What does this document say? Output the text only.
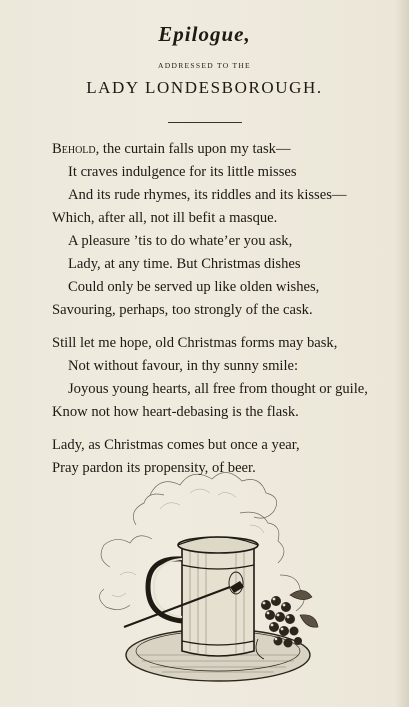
Epilogue,
ADDRESSED TO THE
LADY LONDESBOROUGH.
Behold, the curtain falls upon my task—
It craves indulgence for its little misses
And its rude rhymes, its riddles and its kisses—
Which, after all, not ill befit a masque.
A pleasure ’tis to do whate’er you ask,
Lady, at any time. But Christmas dishes
Could only be served up like olden wishes,
Savouring, perhaps, too strongly of the cask.
Still let me hope, old Christmas forms may bask,
Not without favour, in thy sunny smile:
Joyous young hearts, all free from thought or guile,
Know not how heart-debasing is the flask.
Lady, as Christmas comes but once a year,
Pray pardon its propensity, of beer.
